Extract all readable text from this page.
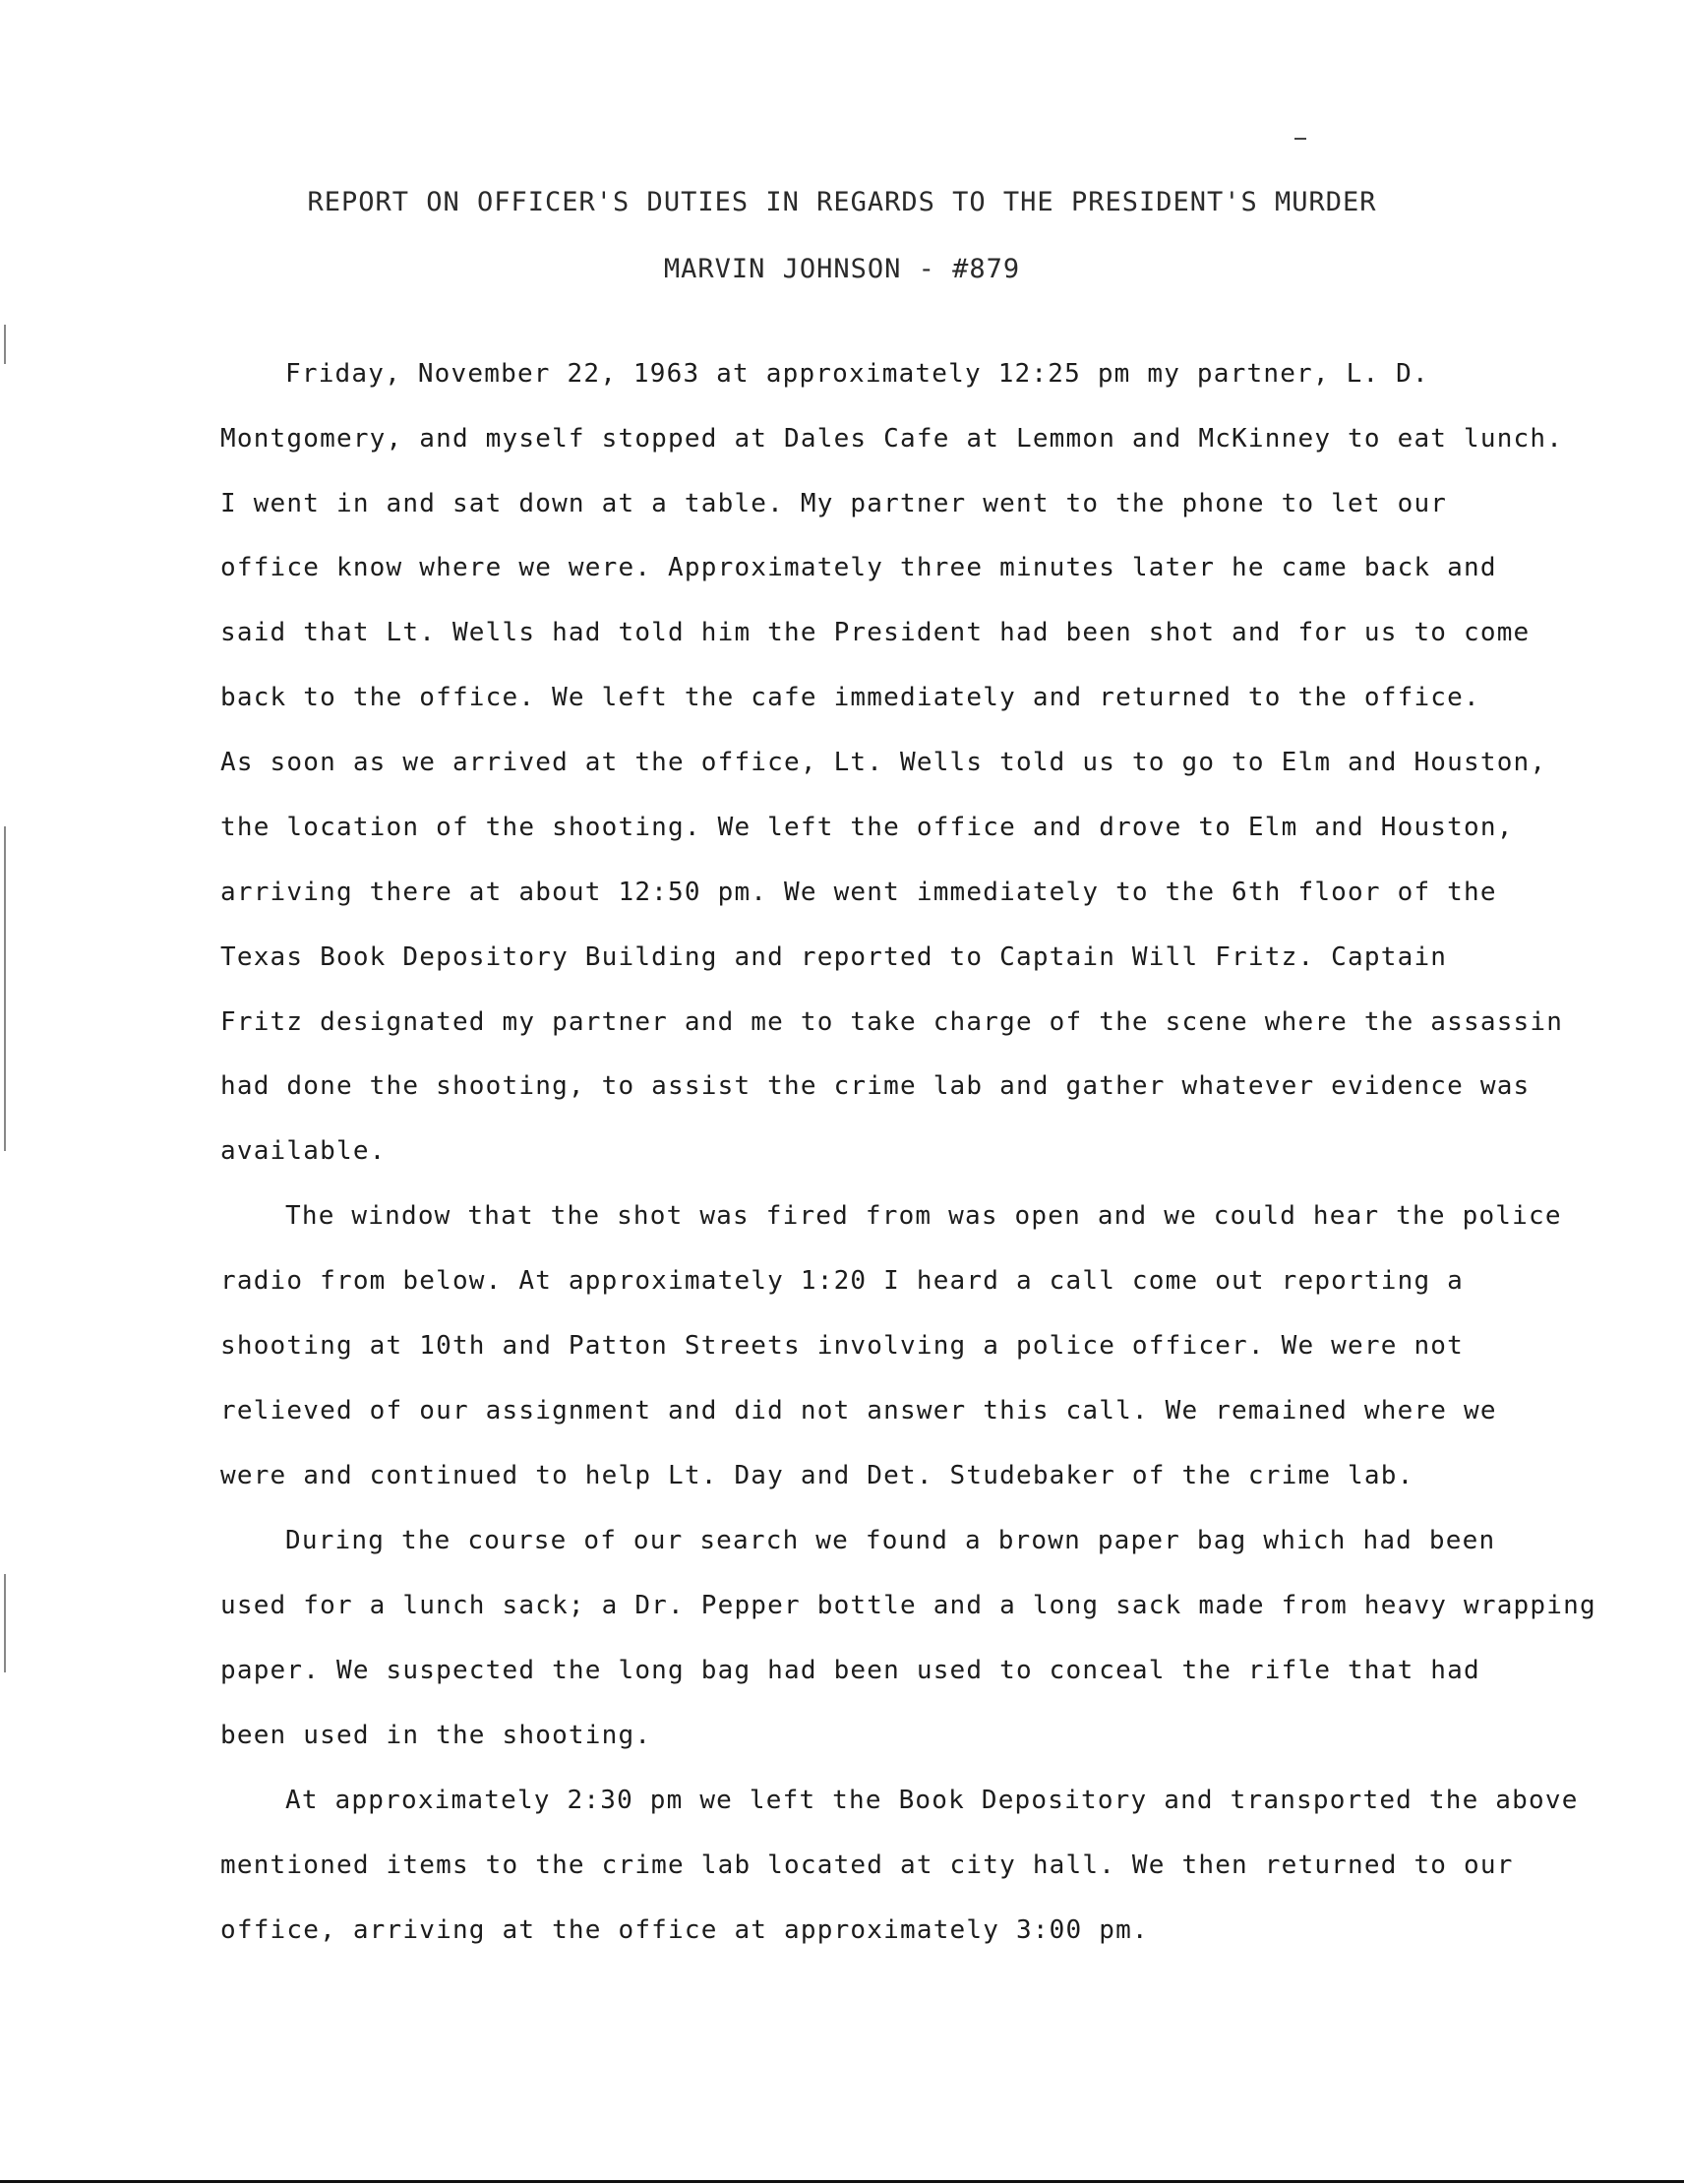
REPORT ON OFFICER'S DUTIES IN REGARDS TO THE PRESIDENT'S MURDER
MARVIN JOHNSON - #879
Friday, November 22, 1963 at approximately 12:25 pm my partner, L. D.
Montgomery, and myself stopped at Dales Cafe at Lemmon and McKinney to eat lunch.
I went in and sat down at a table. My partner went to the phone to let our
office know where we were. Approximately three minutes later he came back and
said that Lt. Wells had told him the President had been shot and for us to come
back to the office. We left the cafe immediately and returned to the office.
As soon as we arrived at the office, Lt. Wells told us to go to Elm and Houston,
the location of the shooting. We left the office and drove to Elm and Houston,
arriving there at about 12:50 pm. We went immediately to the 6th floor of the
Texas Book Depository Building and reported to Captain Will Fritz. Captain
Fritz designated my partner and me to take charge of the scene where the assassin
had done the shooting, to assist the crime lab and gather whatever evidence was
available.
The window that the shot was fired from was open and we could hear the police
radio from below. At approximately 1:20 I heard a call come out reporting a
shooting at 10th and Patton Streets involving a police officer. We were not
relieved of our assignment and did not answer this call. We remained where we
were and continued to help Lt. Day and Det. Studebaker of the crime lab.
During the course of our search we found a brown paper bag which had been
used for a lunch sack; a Dr. Pepper bottle and a long sack made from heavy wrapping
paper. We suspected the long bag had been used to conceal the rifle that had
been used in the shooting.
At approximately 2:30 pm we left the Book Depository and transported the above
mentioned items to the crime lab located at city hall. We then returned to our
office, arriving at the office at approximately 3:00 pm.
